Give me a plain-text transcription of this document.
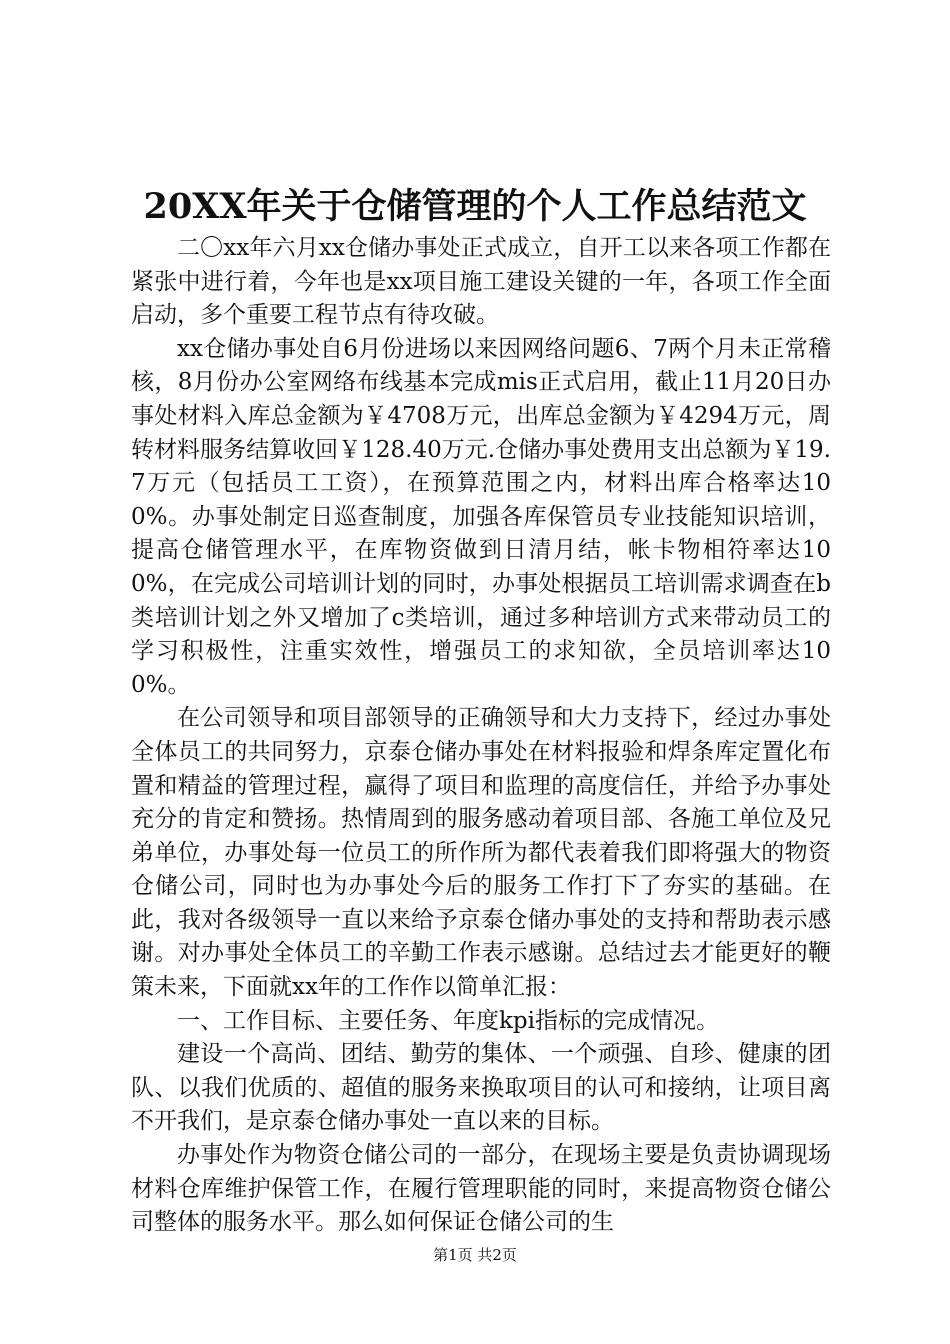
20XX年关于仓储管理的个人工作总结范文

二〇xx年六月xx仓储办事处正式成立，自开工以来各项工作都在紧张中进行着，今年也是xx项目施工建设关键的一年，各项工作全面启动，多个重要工程节点有待攻破。

xx仓储办事处自6月份进场以来因网络问题6、7两个月未正常稽核，8月份办公室网络布线基本完成mis正式启用，截止11月20日办事处材料入库总金额为￥4708万元，出库总金额为￥4294万元，周转材料服务结算收回￥128.40万元.仓储办事处费用支出总额为￥19.7万元（包括员工工资），在预算范围之内，材料出库合格率达100%。办事处制定日巡查制度，加强各库保管员专业技能知识培训，提高仓储管理水平，在库物资做到日清月结，帐卡物相符率达100%，在完成公司培训计划的同时，办事处根据员工培训需求调查在b类培训计划之外又增加了c类培训，通过多种培训方式来带动员工的学习积极性，注重实效性，增强员工的求知欲，全员培训率达100%。

在公司领导和项目部领导的正确领导和大力支持下，经过办事处全体员工的共同努力，京泰仓储办事处在材料报验和焊条库定置化布置和精益的管理过程，赢得了项目和监理的高度信任，并给予办事处充分的肯定和赞扬。热情周到的服务感动着项目部、各施工单位及兄弟单位，办事处每一位员工的所作所为都代表着我们即将强大的物资仓储公司，同时也为办事处今后的服务工作打下了夯实的基础。在此，我对各级领导一直以来给予京泰仓储办事处的支持和帮助表示感谢。对办事处全体员工的辛勤工作表示感谢。总结过去才能更好的鞭策未来，下面就xx年的工作作以简单汇报：

一、工作目标、主要任务、年度kpi指标的完成情况。

建设一个高尚、团结、勤劳的集体、一个顽强、自珍、健康的团队、以我们优质的、超值的服务来换取项目的认可和接纳，让项目离不开我们，是京泰仓储办事处一直以来的目标。

办事处作为物资仓储公司的一部分，在现场主要是负责协调现场材料仓库维护保管工作，在履行管理职能的同时，来提高物资仓储公司整体的服务水平。那么如何保证仓储公司的生

第1页 共2页
